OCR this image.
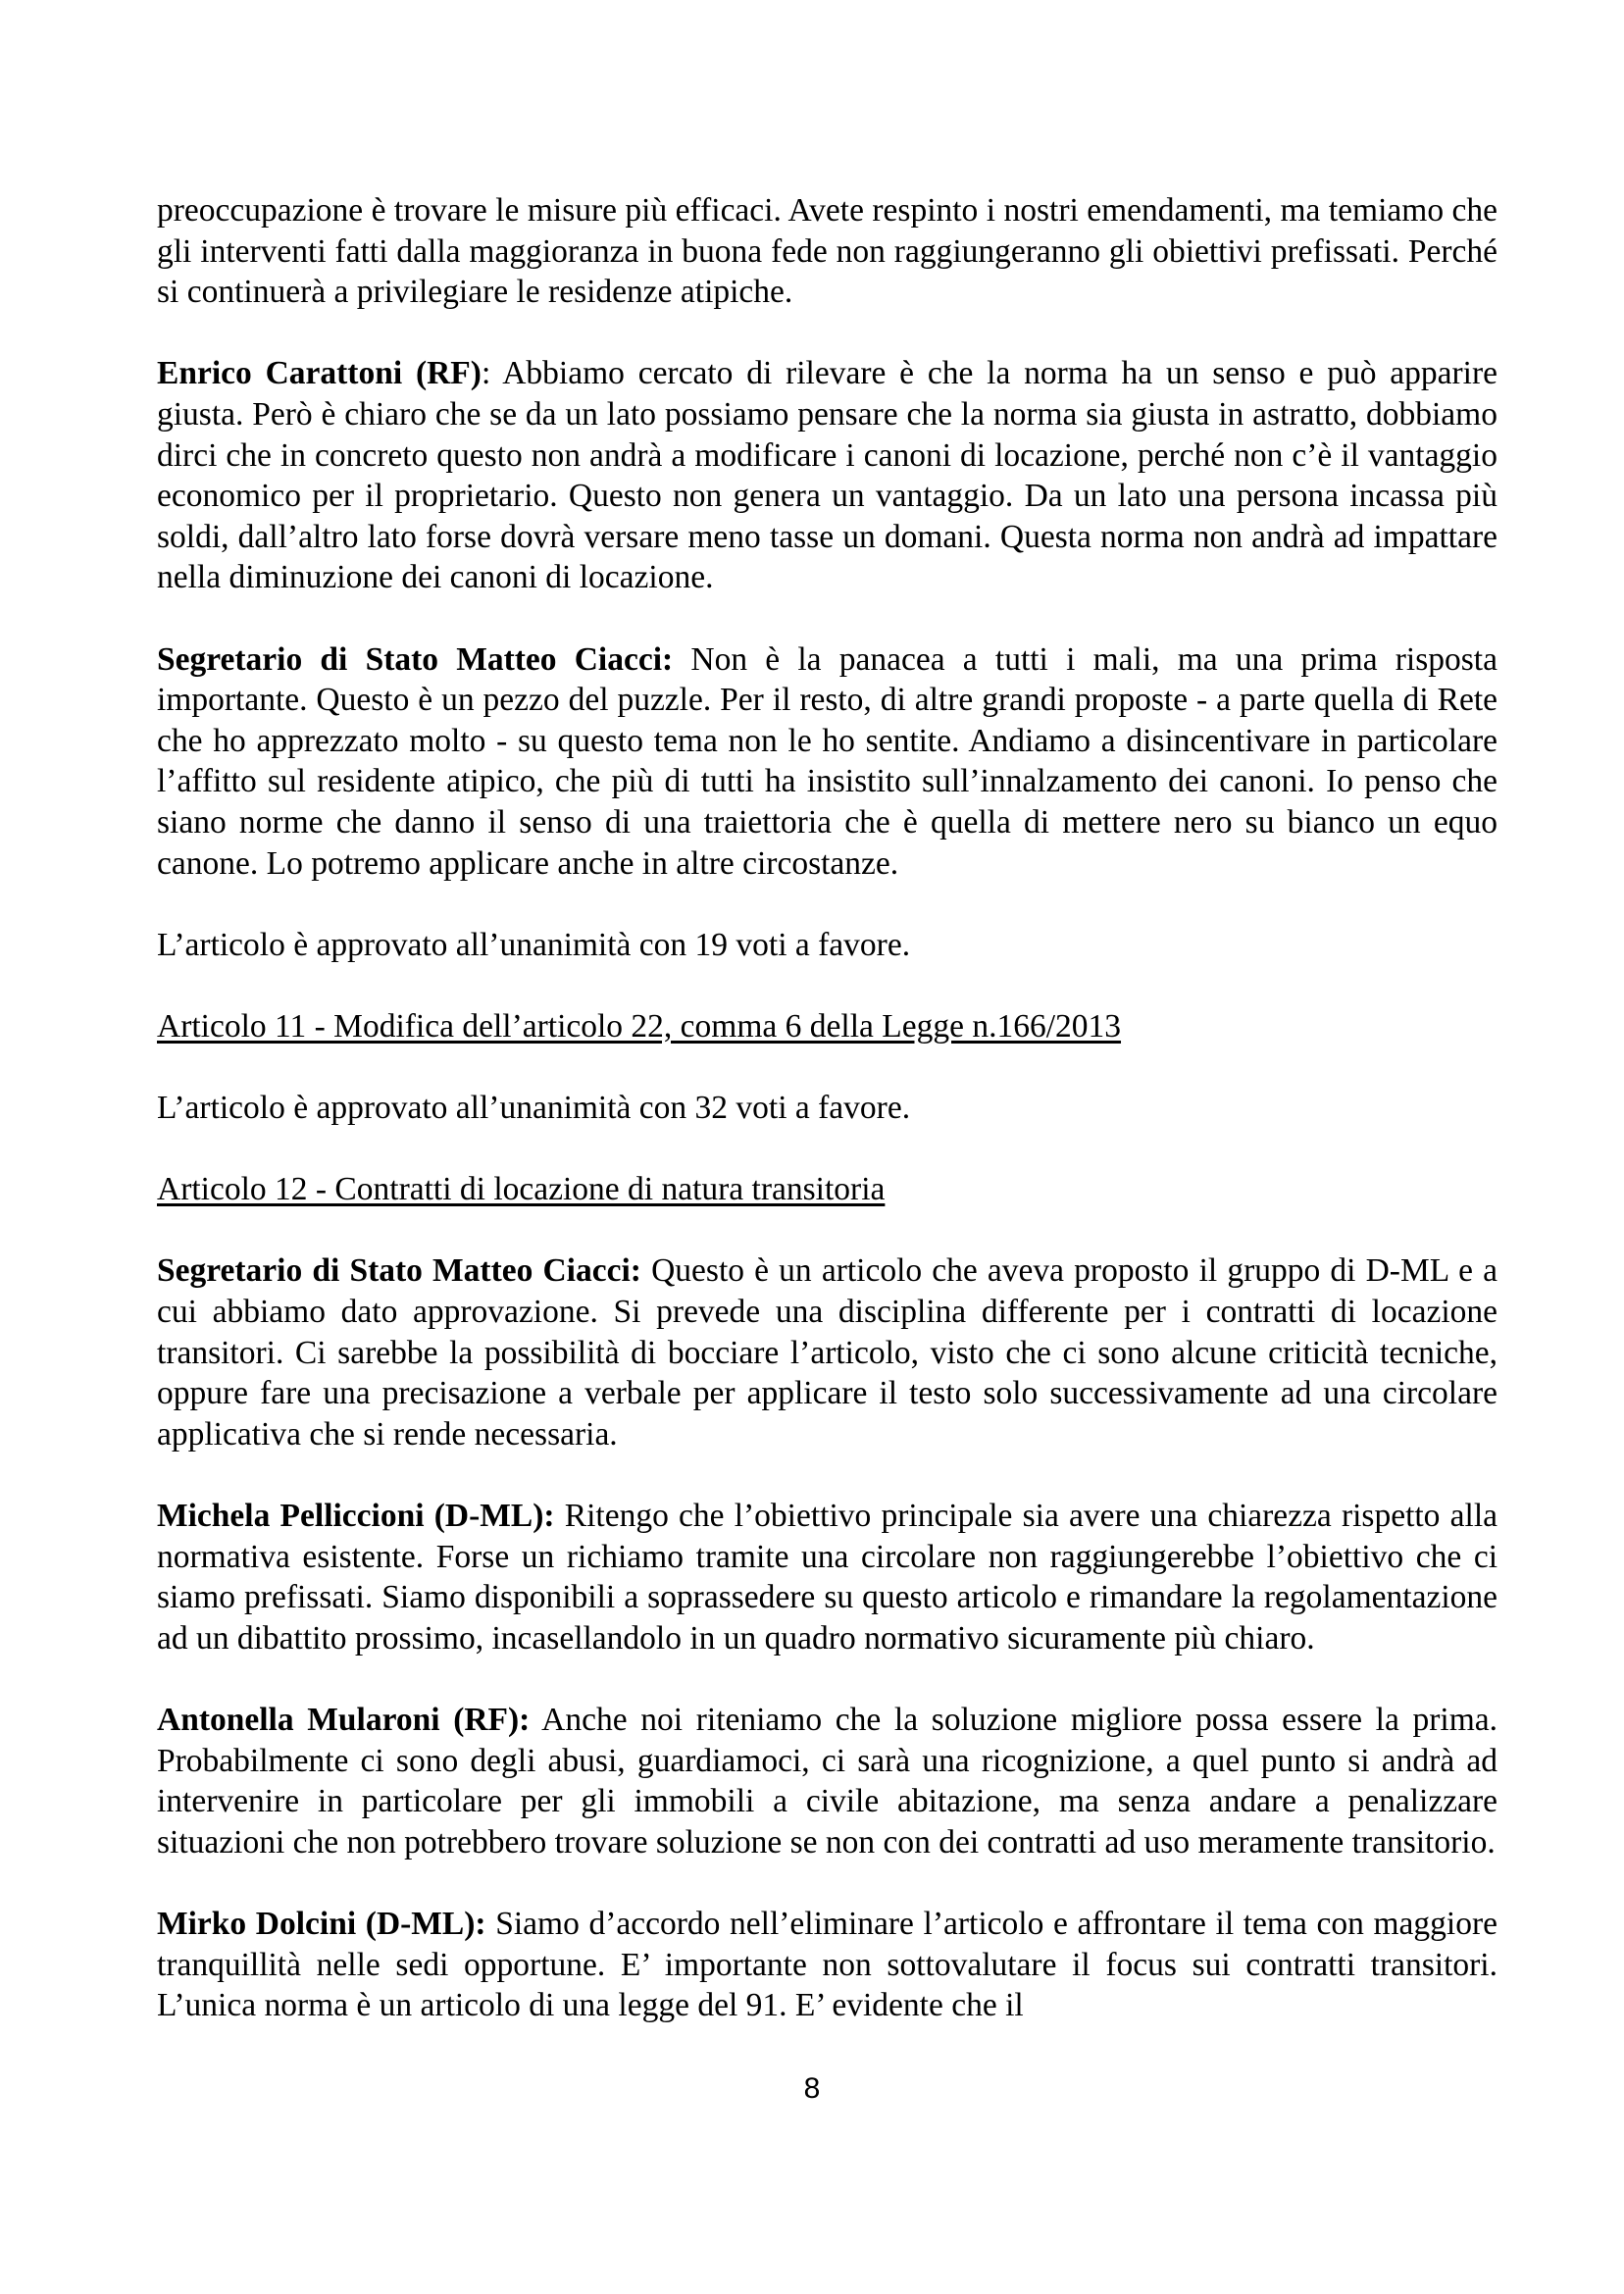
preoccupazione è trovare le misure più efficaci. Avete respinto i nostri emendamenti, ma temiamo che gli interventi fatti dalla maggioranza in buona fede non raggiungeranno gli obiettivi prefissati. Perché si continuerà a privilegiare le residenze atipiche.

Enrico Carattoni (RF): Abbiamo cercato di rilevare è che la norma ha un senso e può apparire giusta. Però è chiaro che se da un lato possiamo pensare che la norma sia giusta in astratto, dobbiamo dirci che in concreto questo non andrà a modificare i canoni di locazione, perché non c’è il vantaggio economico per il proprietario. Questo non genera un vantaggio. Da un lato una persona incassa più soldi, dall’altro lato forse dovrà versare meno tasse un domani. Questa norma non andrà ad impattare nella diminuzione dei canoni di locazione.

Segretario di Stato Matteo Ciacci: Non è la panacea a tutti i mali, ma una prima risposta importante. Questo è un pezzo del puzzle. Per il resto, di altre grandi proposte - a parte quella di Rete che ho apprezzato molto - su questo tema non le ho sentite. Andiamo a disincentivare in particolare l’affitto sul residente atipico, che più di tutti ha insistito sull’innalzamento dei canoni. Io penso che siano norme che danno il senso di una traiettoria che è quella di mettere nero su bianco un equo canone. Lo potremo applicare anche in altre circostanze.

L’articolo è approvato all’unanimità con 19 voti a favore.

Articolo 11 - Modifica dell’articolo 22, comma 6 della Legge n.166/2013

L’articolo è approvato all’unanimità con 32 voti a favore.

Articolo 12 - Contratti di locazione di natura transitoria

Segretario di Stato Matteo Ciacci: Questo è un articolo che aveva proposto il gruppo di D-ML e a cui abbiamo dato approvazione. Si prevede una disciplina differente per i contratti di locazione transitori. Ci sarebbe la possibilità di bocciare l’articolo, visto che ci sono alcune criticità tecniche, oppure fare una precisazione a verbale per applicare il testo solo successivamente ad una circolare applicativa che si rende necessaria.

Michela Pelliccioni (D-ML): Ritengo che l’obiettivo principale sia avere una chiarezza rispetto alla normativa esistente. Forse un richiamo tramite una circolare non raggiungerebbe l’obiettivo che ci siamo prefissati. Siamo disponibili a soprassedere su questo articolo e rimandare la regolamentazione ad un dibattito prossimo, incasellandolo in un quadro normativo sicuramente più chiaro.

Antonella Mularoni (RF): Anche noi riteniamo che la soluzione migliore possa essere la prima. Probabilmente ci sono degli abusi, guardiamoci, ci sarà una ricognizione, a quel punto si andrà ad intervenire in particolare per gli immobili a civile abitazione, ma senza andare a penalizzare situazioni che non potrebbero trovare soluzione se non con dei contratti ad uso meramente transitorio.

Mirko Dolcini (D-ML): Siamo d’accordo nell’eliminare l’articolo e affrontare il tema con maggiore tranquillità nelle sedi opportune. E’ importante non sottovalutare il focus sui contratti transitori. L’unica norma è un articolo di una legge del 91. E’ evidente che il

8
